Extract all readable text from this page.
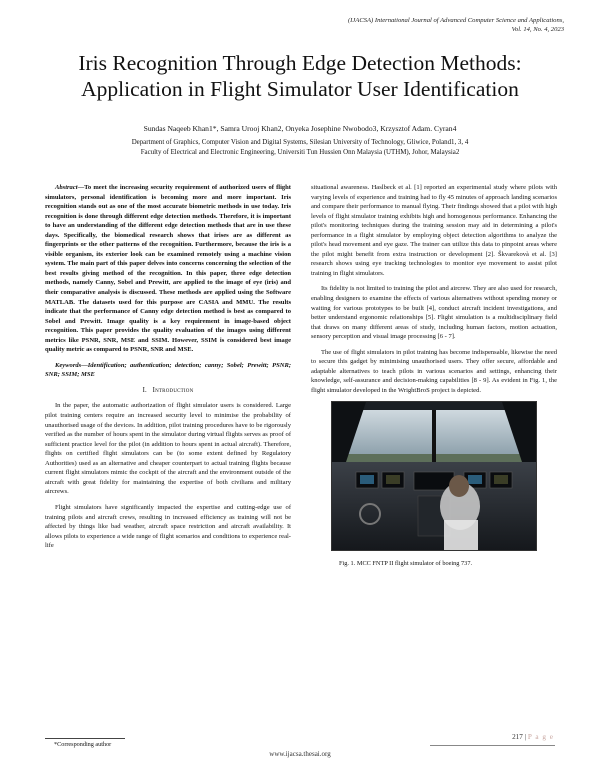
(IJACSA) International Journal of Advanced Computer Science and Applications,
Vol. 14, No. 4, 2023
Iris Recognition Through Edge Detection Methods:
Application in Flight Simulator User Identification
Sundas Naqeeb Khan1*, Samra Urooj Khan2, Onyeka Josephine Nwobodo3, Krzysztof Adam. Cyran4
Department of Graphics, Computer Vision and Digital Systems, Silesian University of Technology, Gliwice, Poland1, 3, 4
Faculty of Electrical and Electronic Engineering, Universiti Tun Hussien Onn Malaysia (UTHM), Johor, Malaysia2

Abstract—To meet the increasing security requirement of authorized users of flight simulators, personal identification is becoming more and more important. Iris recognition stands out as one of the most accurate biometric methods in use today. Iris recognition is done through different edge detection methods. Therefore, it is important to have an understanding of the different edge detection methods that are in use these days. Specifically, the biomedical research shows that irises are as different as fingerprints or the other patterns of the recognition. Furthermore, because the iris is a visible organism, its exterior look can be examined remotely using a machine vision system. The main part of this paper delves into concerns concerning the selection of the best results giving method of the recognition. In this paper, three edge detection methods, namely Canny, Sobel and Prewitt, are applied to the image of eye (iris) and their comparative analysis is discussed. These methods are applied using the Software MATLAB. The datasets used for this purpose are CASIA and MMU. The results indicate that the performance of Canny edge detection method is best as compared to Sobel and Prewitt. Image quality is a key requirement in image-based object recognition. This paper provides the quality evaluation of the images using different metrics like PSNR, SNR, MSE and SSIM. However, SSIM is considered best image quality metric as compared to PSNR, SNR and MSE.

Keywords—Identification; authentication; detection; canny; Sobel; Prewitt; PSNR; SNR; SSIM; MSE

I. Introduction

In the paper, the automatic authorization of flight simulator users is considered. Large pilot training centers require an increased security level to minimise the probability of unauthorised usage of the devices. In addition, pilot training procedures have to be rigorously verified as the number of hours spent in the simulator during virtual flights serves as proof of sufficient practice level for the pilot (in addition to hours spent in actual aircraft). Therefore, flights on certified flight simulators can be (to some extent defined by Regulatory Authorities) used as an alternative and cheaper counterpart to actual training flights because current flight simulators mimic the cockpit of the aircraft and the environment outside of the aircraft with great fidelity for maintaining the expertise of both civilians and military aircrews.

Flight simulators have significantly impacted the expertise and cutting-edge use of training pilots and aircraft crews, resulting in increased efficiency as training will not be affected by things like bad weather, aircraft space restriction and aircraft availability. It allows pilots to experience a wide range of flight scenarios and conditions to experience real-life

situational awareness. Haslbeck et al. [1] reported an experimental study where pilots with varying levels of experience and training had to fly 45 minutes of approach landing scenarios and compare their performance to manual flying. Their findings showed that a pilot with high levels of flight simulator training exhibits high and homogenous performance. Enhancing the pilot's monitoring techniques during the training session may aid in determining a pilot's performance in a flight simulator by employing object detection algorithms to analyze the pilot's head movement and eye gaze. The trainer can utilize this data to pinpoint areas where the pilot might benefit from extra instruction or development [2]. Škvarekovà et al. [3] research shows using eye tracking technologies to monitor eye movement to assist pilot training in flight simulators.

Its fidelity is not limited to training the pilot and aircrew. They are also used for research, enabling designers to examine the effects of various alternatives without spending money or waiting for various prototypes to be built [4], conduct aircraft incident investigations, and better understand ergonomic relationships [5]. Flight simulation is a multidisciplinary field that draws on many different areas of study, including human factors, motion actuation, sensory perception and visual image processing [6 - 7].

The use of flight simulators in pilot training has become indispensable, likewise the need to secure this gadget by minimising unauthorised users. They offer secure, affordable and adaptable alternatives to teach pilots in various scenarios and settings, enhancing their knowledge, self-assurance and decision-making capabilities [8 - 9]. As evident in Fig. 1, the flight simulator developed in the WrightBroS project is depicted.

Fig. 1. MCC FNTP II flight simulator of boeing 737.

*Corresponding author
217 | P a g e
www.ijacsa.thesai.org
